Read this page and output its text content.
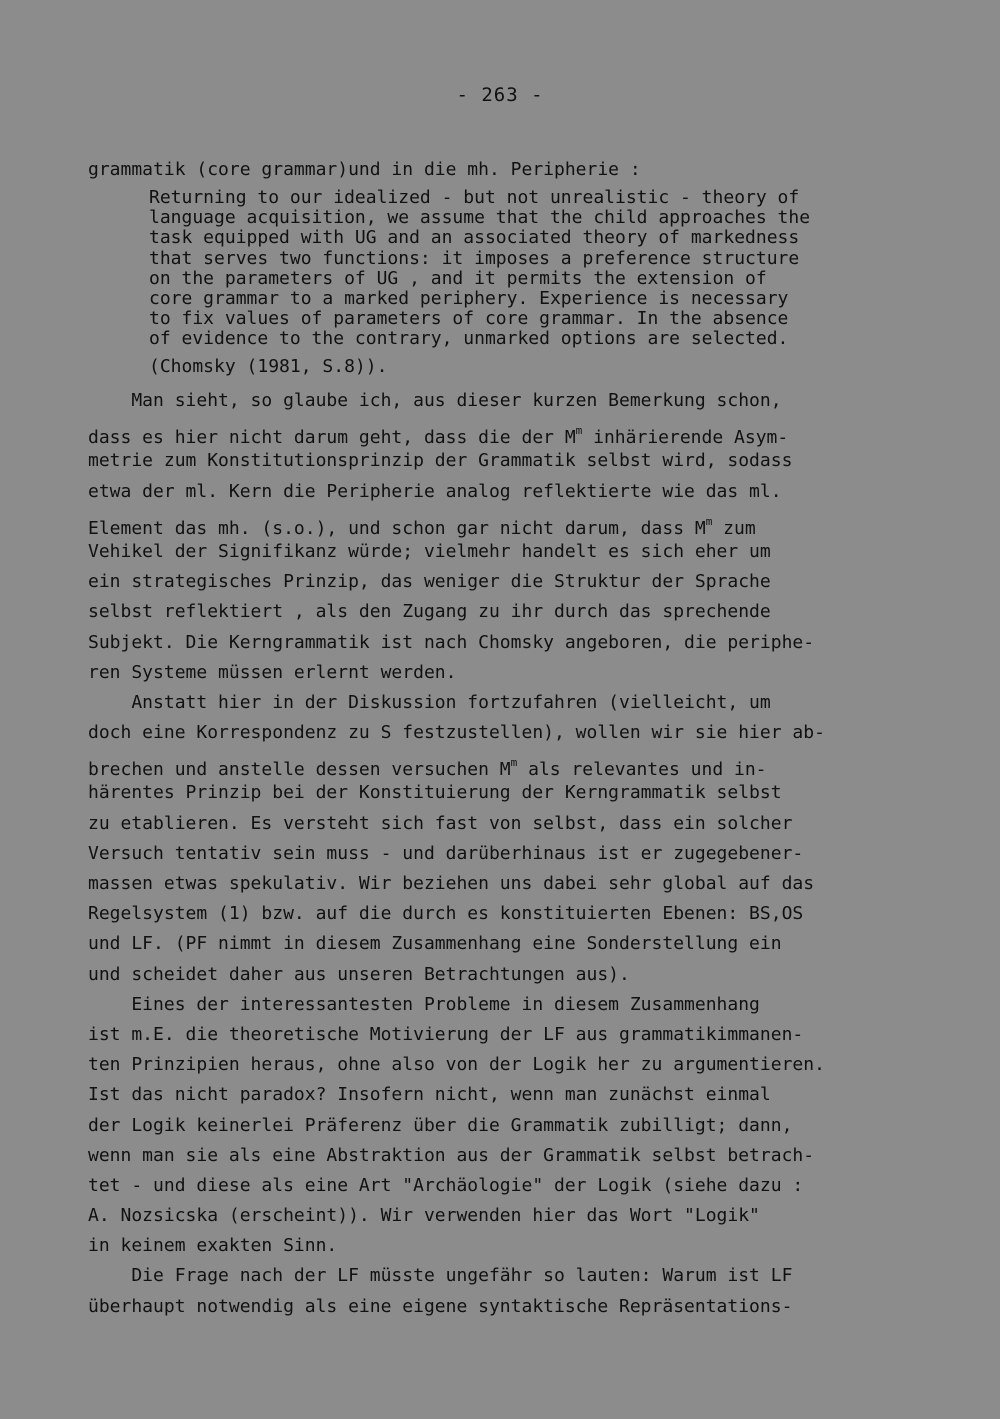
- 263 -
grammatik (core grammar)und in die mh. Peripherie :
Returning to our idealized - but not unrealistic - theory of
language acquisition, we assume that the child approaches the
task equipped with UG and an associated theory of markedness
that serves two functions: it imposes a preference structure
on the parameters of UG , and it permits the extension of
core grammar to a marked periphery. Experience is necessary
to fix values of parameters of core grammar. In the absence
of evidence to the contrary, unmarked options are selected.
(Chomsky (1981, S.8)).
Man sieht, so glaube ich, aus dieser kurzen Bemerkung schon,
dass es hier nicht darum geht, dass die der $M^m$ inhärierende Asym-
metrie zum Konstitutionsprinzip der Grammatik selbst wird, sodass
etwa der ml. Kern die Peripherie analog reflektierte wie das ml.
Element das mh. (s.o.), und schon gar nicht darum, dass $M^m$ zum
Vehikel der Signifikanz würde; vielmehr handelt es sich eher um
ein strategisches Prinzip, das weniger die Struktur der Sprache
selbst reflektiert , als den Zugang zu ihr durch das sprechende
Subjekt. Die Kerngrammatik ist nach Chomsky angeboren, die periphe-
ren Systeme müssen erlernt werden.
Anstatt hier in der Diskussion fortzufahren (vielleicht, um
doch eine Korrespondenz zu S festzustellen), wollen wir sie hier ab-
brechen und anstelle dessen versuchen $M^m$ als relevantes und in-
härentes Prinzip bei der Konstituierung der Kerngrammatik selbst
zu etablieren. Es versteht sich fast von selbst, dass ein solcher
Versuch tentativ sein muss - und darüberhinaus ist er zugegebener-
massen etwas spekulativ. Wir beziehen uns dabei sehr global auf das
Regelsystem (1) bzw. auf die durch es konstituierten Ebenen: BS,OS
und LF. (PF nimmt in diesem Zusammenhang eine Sonderstellung ein
und scheidet daher aus unseren Betrachtungen aus).
Eines der interessantesten Probleme in diesem Zusammenhang
ist m.E. die theoretische Motivierung der LF aus grammatikimmanen-
ten Prinzipien heraus, ohne also von der Logik her zu argumentieren.
Ist das nicht paradox? Insofern nicht, wenn man zunächst einmal
der Logik keinerlei Präferenz über die Grammatik zubilligt; dann,
wenn man sie als eine Abstraktion aus der Grammatik selbst betrach-
tet - und diese als eine Art "Archäologie" der Logik (siehe dazu :
A. Nozsicska (erscheint)). Wir verwenden hier das Wort "Logik"
in keinem exakten Sinn.
Die Frage nach der LF müsste ungefähr so lauten: Warum ist LF
überhaupt notwendig als eine eigene syntaktische Repräsentations-
